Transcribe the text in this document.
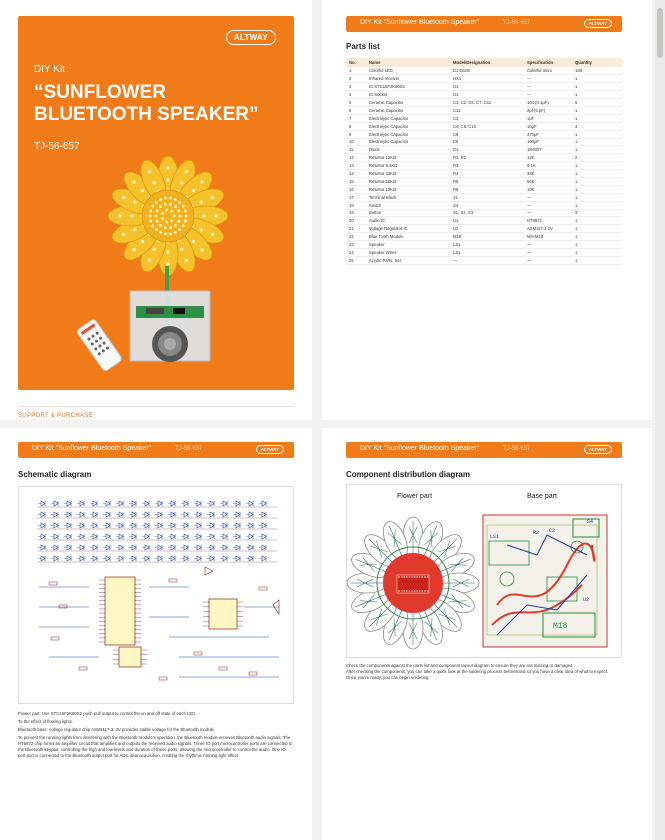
ALTWAY
DIY Kit
“SUNFLOWER BLUETOOTH SPEAKER”
TJ-56-657
SUPPORT & PURCHASE
DIY Kit "Sunflower Bluetooth Speaker"	TJ-56-657	ALTWAY
Parts list
No.	Name	Model/Designation	Specification	Quantity
1	Colorful LED	D1-D108	Colorful 3mm	108
2	Infrared receiver	HX1	—	1
3	IC STC15F2K60S2	U1	—	1
4	IC Socket	U1	—	1
5	Ceramic Capacitor	C1, C2, C5, C7, C11	104 (0.1μF)	5
6	Ceramic Capacitor	C12	2pf (5 pF)	1
7	Electrolytic Capacitor	C3	1μF	1
8	Electrolytic Capacitor	C4, C6, C10	10μF	4
9	Electrolytic Capacitor	C8	470μF	1
10	Electrolytic Capacitor	C9	100μF	1
11	Diode	D1	1N4007	1
12	Resistor 12KΩ	R1, R2	12K	2
13	Resistor 9.1KΩ	R3	9.1K	1
14	Resistor 33KΩ	R4	33K	1
15	Resistor 56KΩ	R5	56K	1
16	Resistor 10KΩ	R6	10K	1
17	Terminal Block	J1	—	1
18	Switch	S4	—	1
19	Button	S1, S2, S3	—	3
20	Audio IC	U1	HT6872	1
21	Voltage Regulator IC	U2	ASM117-3.3V	1
22	Blue Tooth Module	M18	MH-M18	1
23	Speaker	LS1	—	1
24	Speaker Wires	LS1	—	1
25	Acrylic Parts, Set	—	—	1
DIY Kit "Sunflower Bluetooth Speaker"	TJ-56-657	ALTWAY
Schematic diagram
Flower part: Use STC15F2K60S2 push-pull output to control the on and off state of each LED
To the effect of flowing lights.
Bluetooth base: voltage regulator chip ASM1117-3. 3V provides stable voltage for the Bluetooth module.
To prevent the running lights from interfering with the Bluetooth module's operation, the Bluetooth module receives Bluetooth audio signals. The HT6872 chip forms an amplifier circuit that amplifies and outputs the received audio signals. Three IO port microcontroller ports are connected to the Bluetooth keypad, controlling the high and low levels and duration of these ports, allowing the microcontroller to control the audio. One IO port port is connected to the Bluetooth output port for ADC data acquisition, creating the rhythmic running light effect.
DIY Kit "Sunflower Bluetooth Speaker"	TJ-56-657	ALTWAY
Component distribution diagram
Flower part	Base part
M18
LS1
R2 C2
S4
U2
Check the components against the parts list and component layout diagram to ensure they are not missing or damaged.
After checking the components, you can take a quick look at the soldering process beforehand so you have a clear idea of what to expect.
Once you're ready, you can begin soldering.
